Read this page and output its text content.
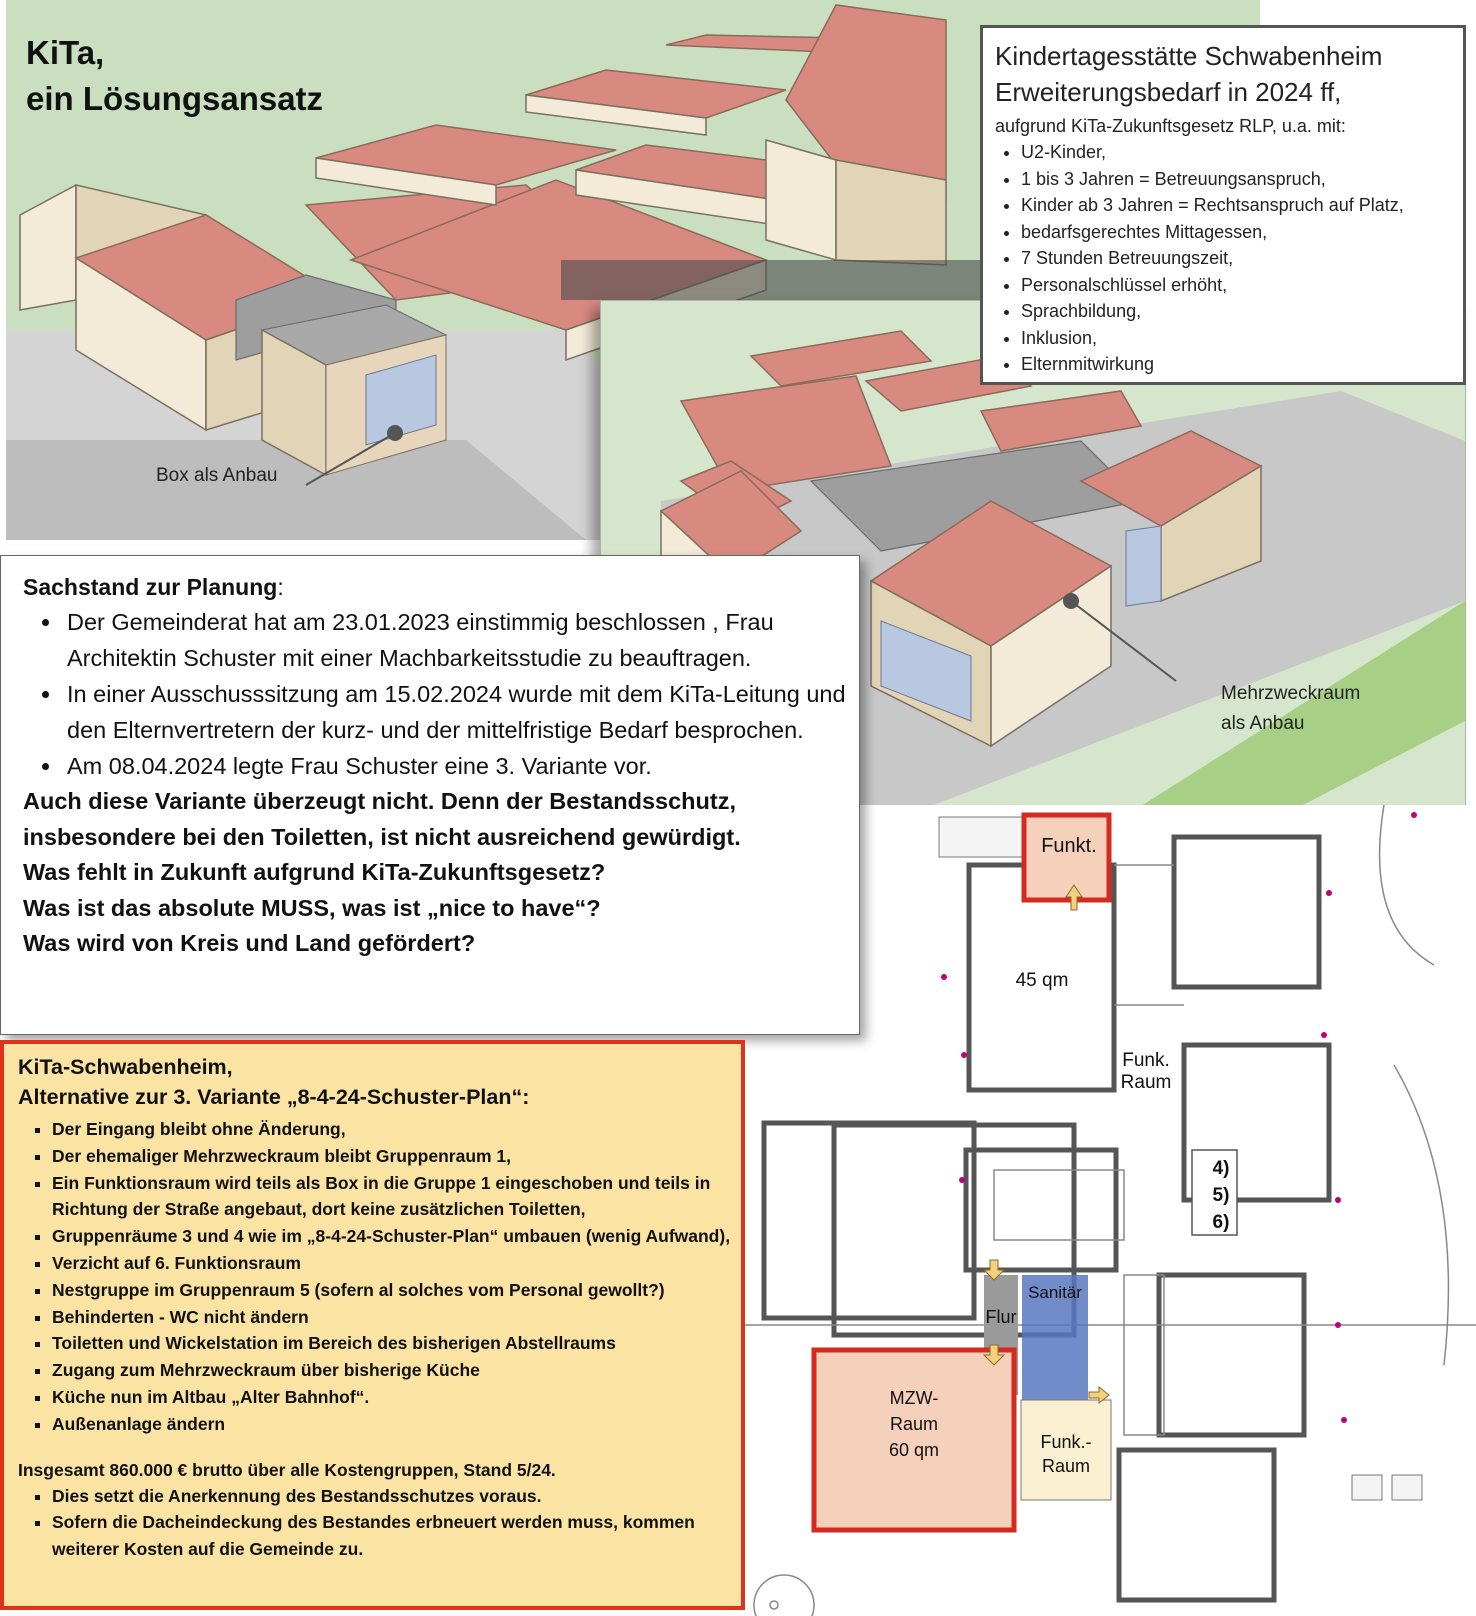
KiTa,
ein Lösungsansatz
Box als Anbau
Mehrzweckraum
als Anbau
Kindertagesstätte Schwabenheim
Erweiterungsbedarf in 2024 ff,
aufgrund KiTa-Zukunftsgesetz RLP, u.a. mit:
• U2-Kinder,
• 1 bis 3 Jahren = Betreuungsanspruch,
• Kinder ab 3 Jahren = Rechtsanspruch auf Platz,
• bedarfsgerechtes Mittagessen,
• 7 Stunden Betreuungszeit,
• Personalschlüssel erhöht,
• Sprachbildung,
• Inklusion,
• Elternmitwirkung
Funkt.
45 qm
Funk.
Raum
4)
5)
6)
Sanitär
Flur
MZW-
Raum
60 qm	Funk.-
Raum
Sachstand zur Planung:
• Der Gemeinderat hat am 23.01.2023 einstimmig beschlossen , Frau Architektin Schuster mit einer Machbarkeitsstudie zu beauftragen.
• In einer Ausschusssitzung am 15.02.2024 wurde mit dem KiTa-Leitung und den Elternvertretern der kurz- und der mittelfristige Bedarf besprochen.
• Am 08.04.2024 legte Frau Schuster eine 3. Variante vor.
Auch diese Variante überzeugt nicht. Denn der Bestandsschutz,
insbesondere bei den Toiletten, ist nicht ausreichend gewürdigt.
Was fehlt in Zukunft aufgrund KiTa-Zukunftsgesetz?
Was ist das absolute MUSS, was ist „nice to have“?
Was wird von Kreis und Land gefördert?
KiTa-Schwabenheim,
Alternative zur 3. Variante „8-4-24-Schuster-Plan“:
▪ Der Eingang bleibt ohne Änderung,
▪ Der ehemaliger Mehrzweckraum bleibt Gruppenraum 1,
▪ Ein Funktionsraum wird teils als Box in die Gruppe 1 eingeschoben und teils in Richtung der Straße angebaut, dort keine zusätzlichen Toiletten,
▪ Gruppenräume 3 und 4 wie im „8-4-24-Schuster-Plan“ umbauen (wenig Aufwand),
▪ Verzicht auf 6. Funktionsraum
▪ Nestgruppe im Gruppenraum 5 (sofern al solches vom Personal gewollt?)
▪ Behinderten - WC nicht ändern
▪ Toiletten und Wickelstation im Bereich des bisherigen Abstellraums
▪ Zugang zum Mehrzweckraum über bisherige Küche
▪ Küche nun im Altbau „Alter Bahnhof“.
▪ Außenanlage ändern
Insgesamt 860.000 € brutto über alle Kostengruppen, Stand 5/24.
▪ Dies setzt die Anerkennung des Bestandsschutzes voraus.
▪ Sofern die Dacheindeckung des Bestandes erbneuert werden muss, kommen weiterer Kosten auf die Gemeinde zu.
